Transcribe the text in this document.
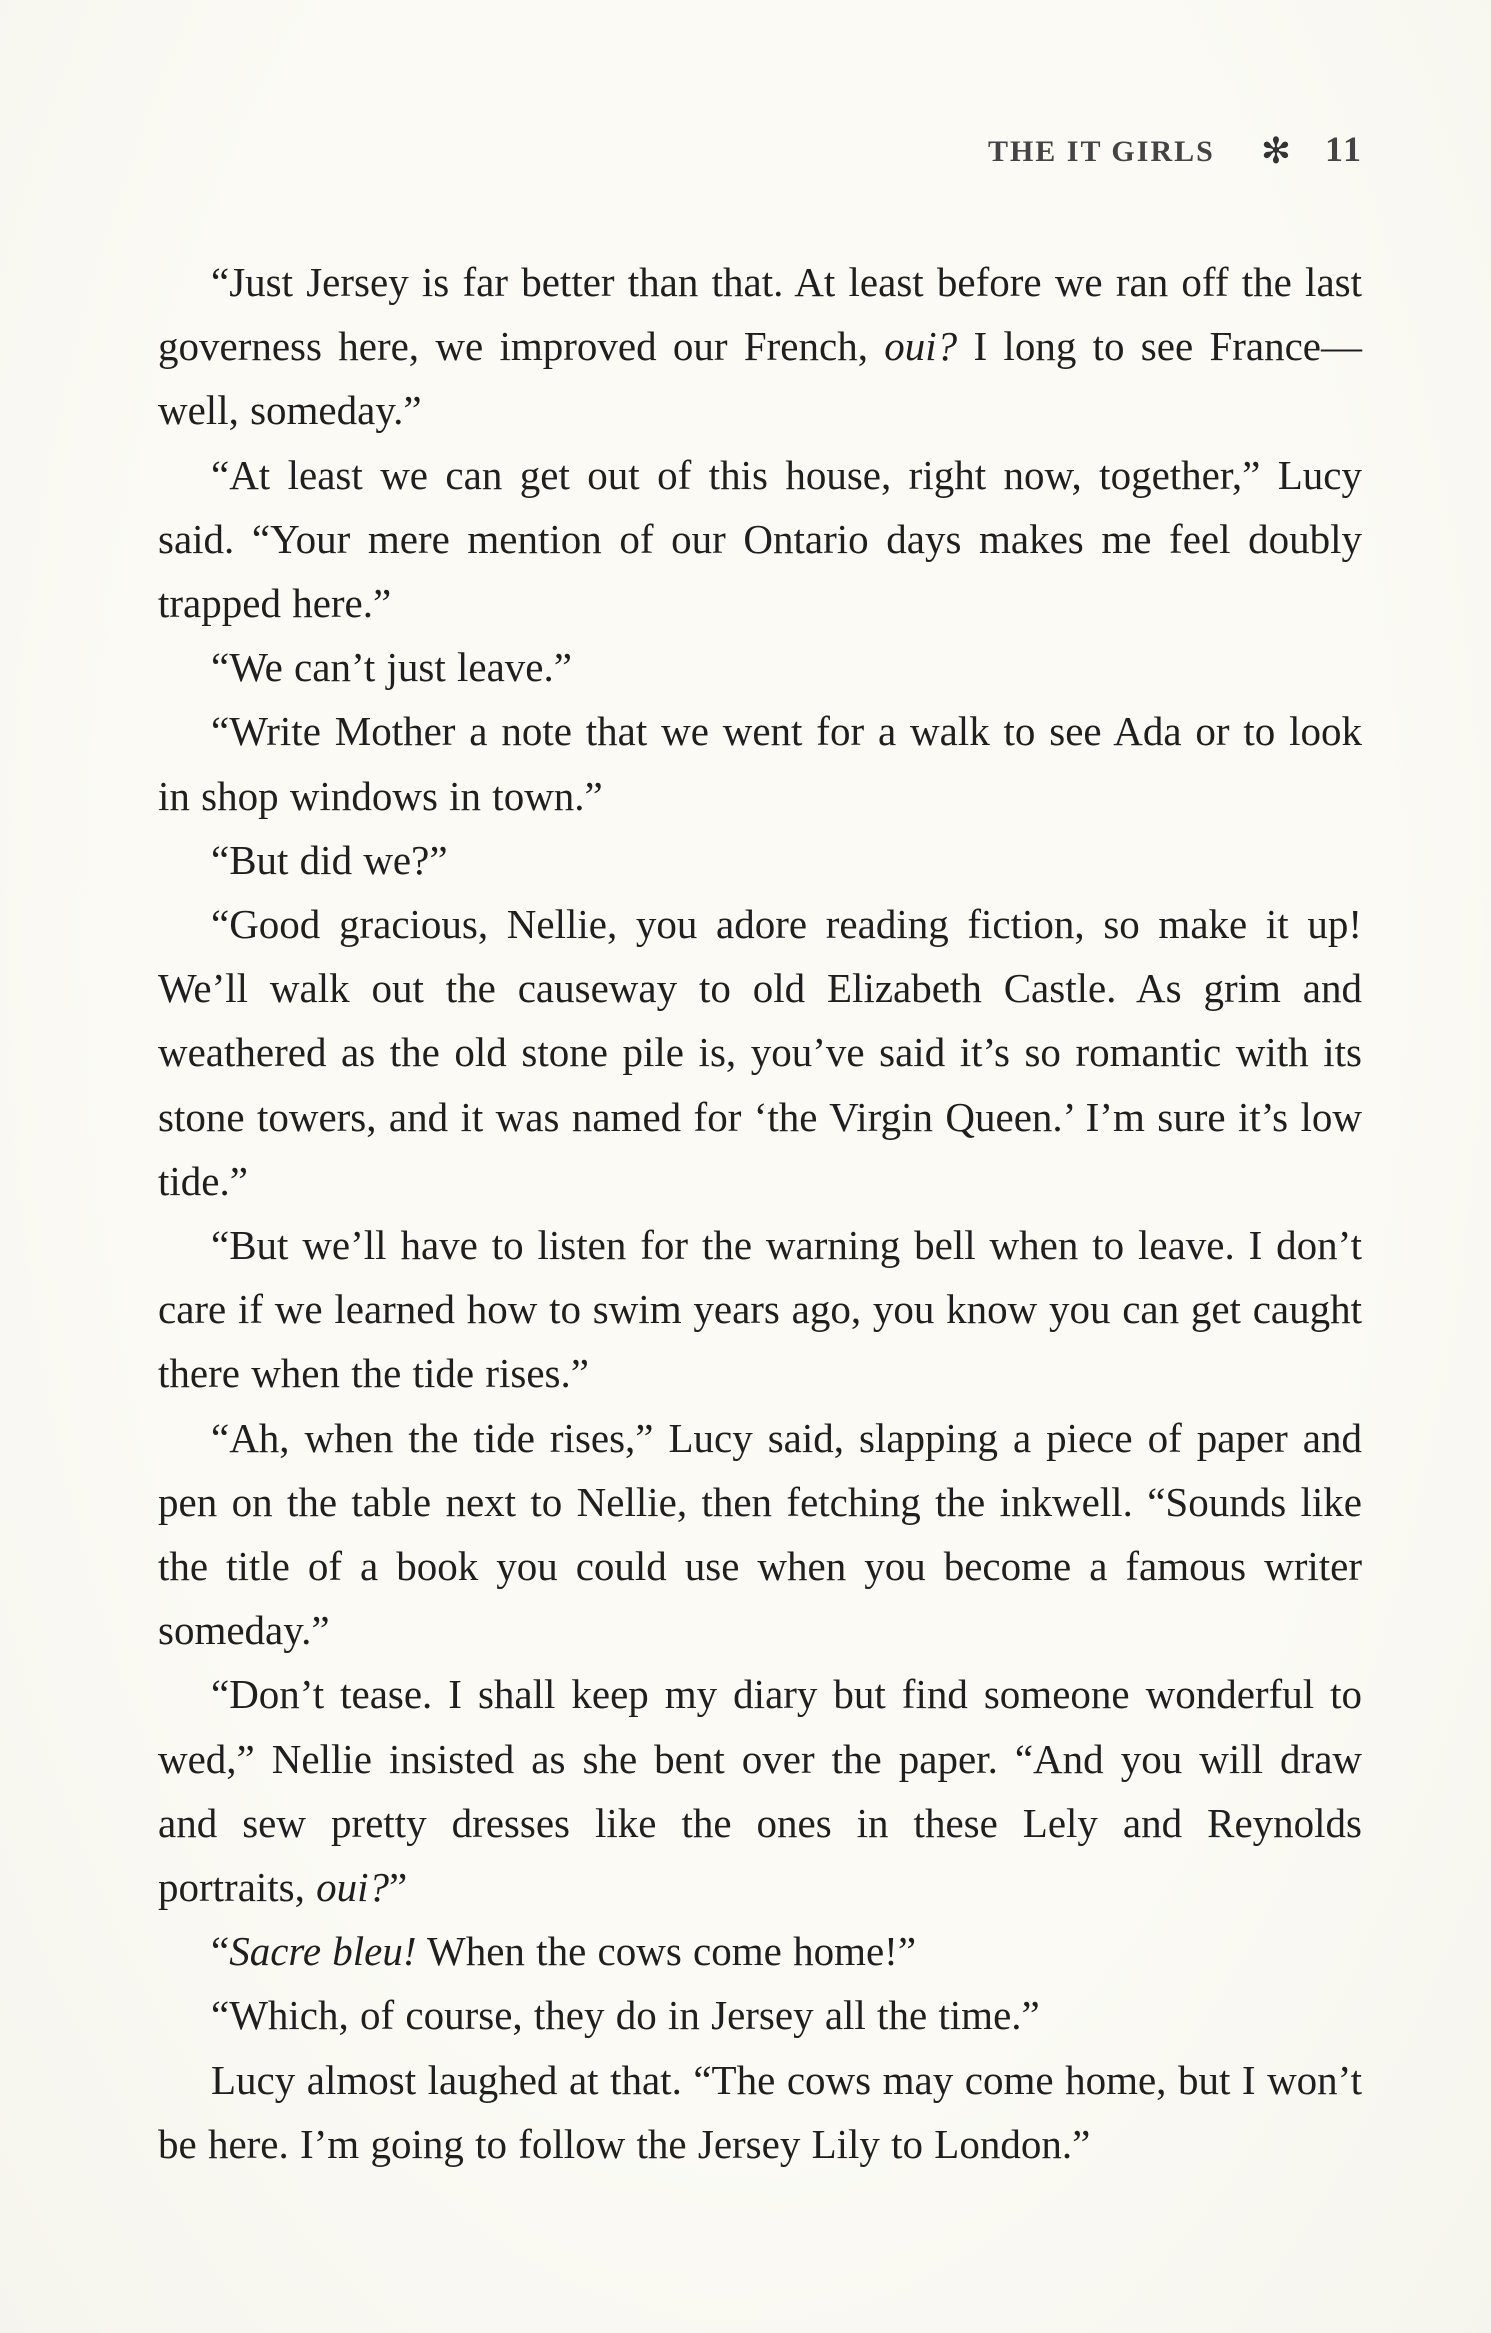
THE IT GIRLS ✻ 11

“Just Jersey is far better than that. At least before we ran off the last governess here, we improved our French, oui? I long to see France—well, someday.”

“At least we can get out of this house, right now, together,” Lucy said. “Your mere mention of our Ontario days makes me feel doubly trapped here.”

“We can’t just leave.”

“Write Mother a note that we went for a walk to see Ada or to look in shop windows in town.”

“But did we?”

“Good gracious, Nellie, you adore reading fiction, so make it up! We’ll walk out the causeway to old Elizabeth Castle. As grim and weathered as the old stone pile is, you’ve said it’s so romantic with its stone towers, and it was named for ‘the Virgin Queen.’ I’m sure it’s low tide.”

“But we’ll have to listen for the warning bell when to leave. I don’t care if we learned how to swim years ago, you know you can get caught there when the tide rises.”

“Ah, when the tide rises,” Lucy said, slapping a piece of paper and pen on the table next to Nellie, then fetching the inkwell. “Sounds like the title of a book you could use when you become a famous writer someday.”

“Don’t tease. I shall keep my diary but find someone wonderful to wed,” Nellie insisted as she bent over the paper. “And you will draw and sew pretty dresses like the ones in these Lely and Reynolds portraits, oui?”

“Sacre bleu! When the cows come home!”

“Which, of course, they do in Jersey all the time.”

Lucy almost laughed at that. “The cows may come home, but I won’t be here. I’m going to follow the Jersey Lily to London.”
